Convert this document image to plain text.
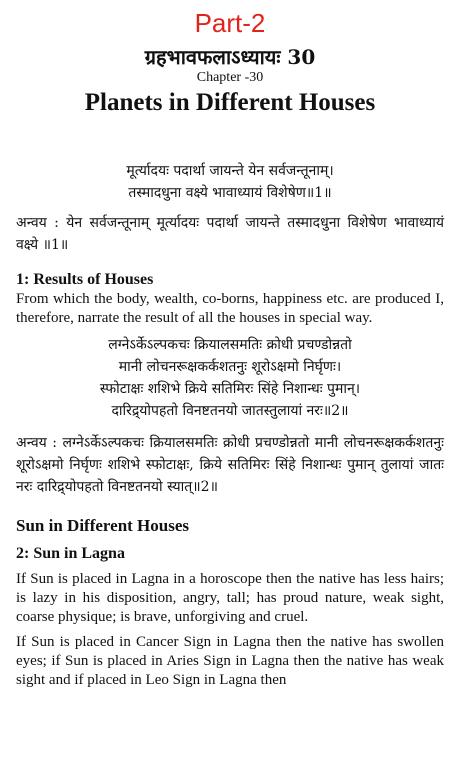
Part-2
ग्रहभावफलाऽध्यायः 30
Chapter -30
Planets in Different Houses
मूर्त्यादयः पदार्था जायन्ते येन सर्वजन्तूनाम्।
तस्मादधुना वक्ष्ये भावाध्यायं विशेषेण॥1॥
अन्वय : येन सर्वजन्तूनाम् मूर्त्यादयः पदार्था जायन्ते तस्मादधुना विशेषेण भावाध्यायं वक्ष्ये ॥1॥
1: Results of Houses
From which the body, wealth, co-borns, happiness etc. are produced I, therefore, narrate the result of all the houses in special way.
लग्नेऽर्केऽल्पकचः क्रियालसमतिः क्रोधी प्रचण्डोन्नतो
मानी लोचनरूक्षकर्कशतनुः शूरोऽक्षमो निर्घृणः।
स्फोटाक्षः शशिभे क्रिये सतिमिरः सिंहे निशान्धः पुमान्।
दारिद्र्योपहतो विनष्टतनयो जातस्तुलायां नरः॥2॥
अन्वय : लग्नेऽर्केऽल्पकचः क्रियालसमतिः क्रोधी प्रचण्डोन्नतो मानी लोचनरूक्षकर्कशतनुः शूरोऽक्षमो निर्घृणः शशिभे स्फोटाक्षः, क्रिये सतिमिरः सिंहे निशान्धः पुमान् तुलायां जातः नरः दारिद्र्योपहतो विनष्टतनयो स्यात्॥2॥
Sun in Different Houses
2: Sun in Lagna
If Sun is placed in Lagna in a horoscope then the native has less hairs; is lazy in his disposition, angry, tall; has proud nature, weak sight, coarse physique; is brave, unforgiving and cruel.
If Sun is placed in Cancer Sign in Lagna then the native has swollen eyes; if Sun is placed in Aries Sign in Lagna then the native has weak sight and if placed in Leo Sign in Lagna then
